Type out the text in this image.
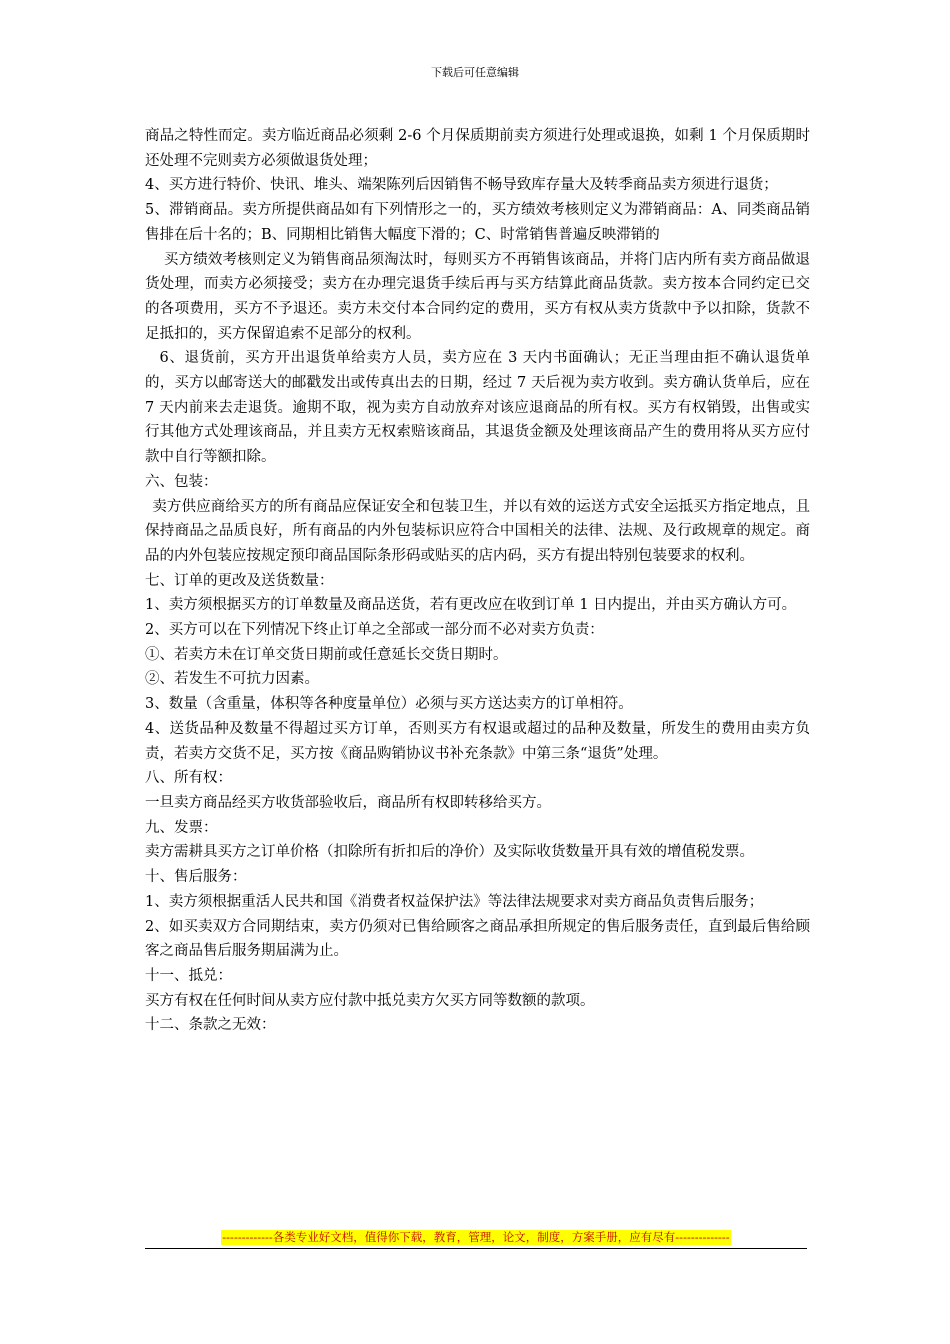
下载后可任意编辑

商品之特性而定。卖方临近商品必须剩 2-6 个月保质期前卖方须进行处理或退换，如剩 1 个月保质期时还处理不完则卖方必须做退货处理；

4、买方进行特价、快讯、堆头、端架陈列后因销售不畅导致库存量大及转季商品卖方须进行退货；

5、滞销商品。卖方所提供商品如有下列情形之一的，买方绩效考核则定义为滞销商品：A、同类商品销售排在后十名的；B、同期相比销售大幅度下滑的；C、时常销售普遍反映滞销的

买方绩效考核则定义为销售商品须淘汰时，每则买方不再销售该商品，并将门店内所有卖方商品做退货处理，而卖方必须接受；卖方在办理完退货手续后再与买方结算此商品货款。卖方按本合同约定已交的各项费用，买方不予退还。卖方未交付本合同约定的费用，买方有权从卖方货款中予以扣除，货款不足抵扣的，买方保留追索不足部分的权利。

6、退货前，买方开出退货单给卖方人员，卖方应在 3 天内书面确认；无正当理由拒不确认退货单的，买方以邮寄送大的邮戳发出或传真出去的日期，经过 7 天后视为卖方收到。卖方确认货单后，应在 7 天内前来去走退货。逾期不取，视为卖方自动放弃对该应退商品的所有权。买方有权销毁，出售或实行其他方式处理该商品，并且卖方无权索赔该商品，其退货金额及处理该商品产生的费用将从买方应付款中自行等额扣除。

六、包装：

卖方供应商给买方的所有商品应保证安全和包装卫生，并以有效的运送方式安全运抵买方指定地点，且保持商品之品质良好，所有商品的内外包装标识应符合中国相关的法律、法规、及行政规章的规定。商品的内外包装应按规定预印商品国际条形码或贴买的店内码，买方有提出特别包装要求的权利。

七、订单的更改及送货数量：

1、卖方须根据买方的订单数量及商品送货，若有更改应在收到订单 1 日内提出，并由买方确认方可。

2、买方可以在下列情况下终止订单之全部或一部分而不必对卖方负责：

①、若卖方未在订单交货日期前或任意延长交货日期时。

②、若发生不可抗力因素。

3、数量（含重量，体积等各种度量单位）必须与买方送达卖方的订单相符。

4、送货品种及数量不得超过买方订单，否则买方有权退或超过的品种及数量，所发生的费用由卖方负责，若卖方交货不足，买方按《商品购销协议书补充条款》中第三条“退货”处理。

八、所有权：

一旦卖方商品经买方收货部验收后，商品所有权即转移给买方。

九、发票：

卖方需耕具买方之订单价格（扣除所有折扣后的净价）及实际收货数量开具有效的增值税发票。

十、售后服务：

1、卖方须根据重活人民共和国《消费者权益保护法》等法律法规要求对卖方商品负责售后服务；

2、如买卖双方合同期结束，卖方仍须对已售给顾客之商品承担所规定的售后服务责任，直到最后售给顾客之商品售后服务期届满为止。

十一、抵兑：

买方有权在任何时间从卖方应付款中抵兑卖方欠买方同等数额的款项。

十二、条款之无效：

-------------各类专业好文档，值得你下载，教育，管理，论文，制度，方案手册，应有尽有--------------
